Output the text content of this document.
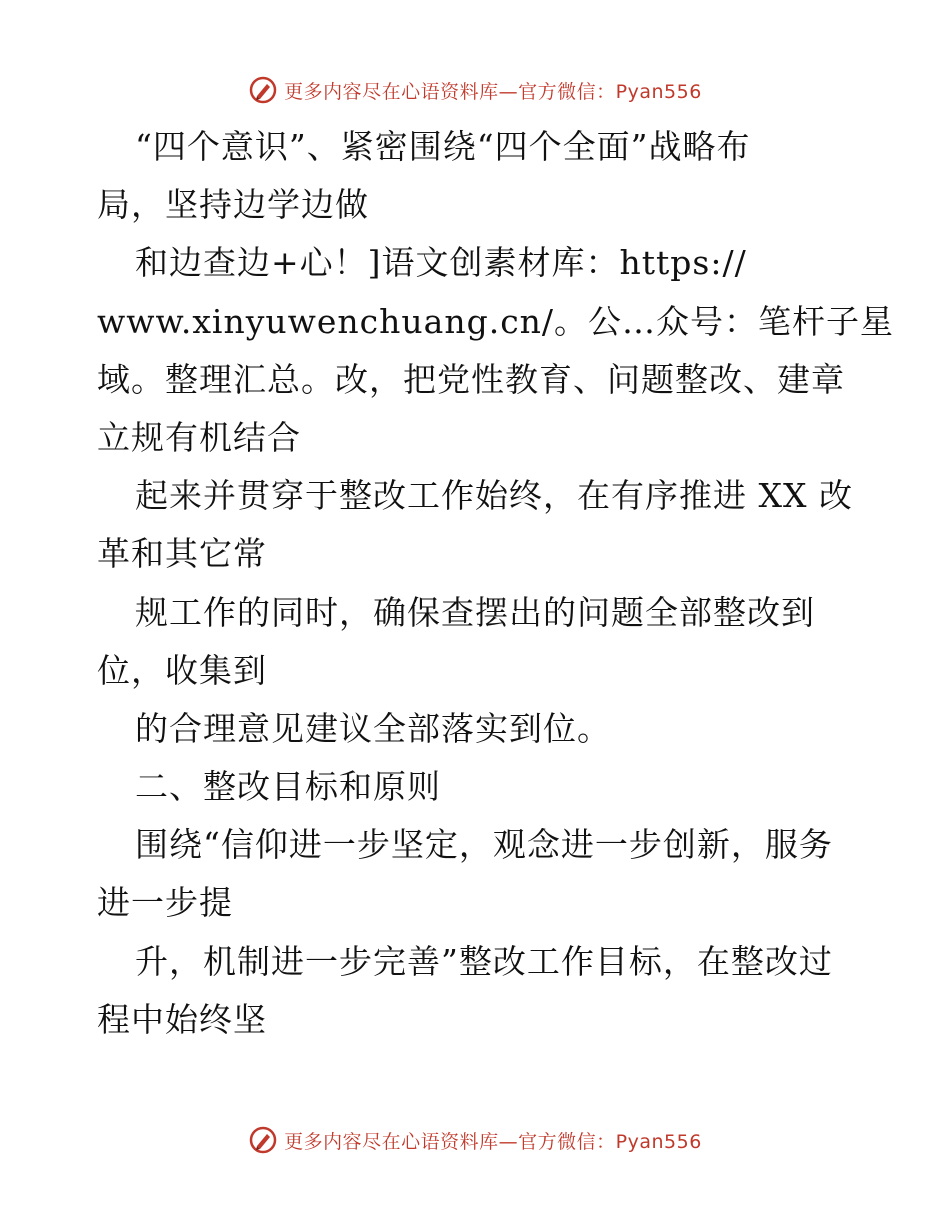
更多内容尽在心语资料库—官方微信：Pyan556
“四个意识”、紧密围绕“四个全面”战略布
局，坚持边学边做
和边查边+心！]语文创素材库：https://
www.xinyuwenchuang.cn/。公…众号：笔杆子星
域。整理汇总。改，把党性教育、问题整改、建章
立规有机结合
起来并贯穿于整改工作始终，在有序推进 XX 改
革和其它常
规工作的同时，确保查摆出的问题全部整改到
位，收集到
的合理意见建议全部落实到位。
二、整改目标和原则
围绕“信仰进一步坚定，观念进一步创新，服务
进一步提
升，机制进一步完善”整改工作目标，在整改过
程中始终坚
更多内容尽在心语资料库—官方微信：Pyan556
